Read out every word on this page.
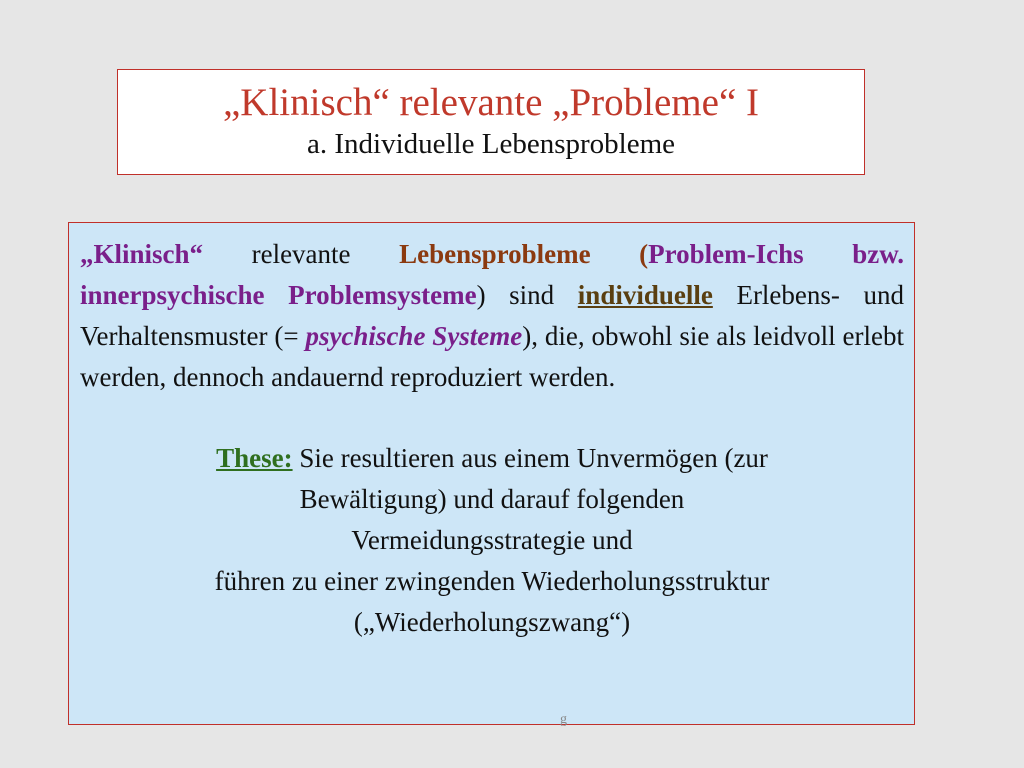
„Klinisch“ relevante „Probleme“ I
a. Individuelle Lebensprobleme

„Klinisch“ relevante Lebensprobleme (Problem-Ichs bzw. innerpsychische Problemsysteme) sind individuelle Erlebens- und Verhaltensmuster (= psychische Systeme), die, obwohl sie als leidvoll erlebt werden, dennoch andauernd reproduziert werden.

These: Sie resultieren aus einem Unvermögen (zur
Bewältigung) und darauf folgenden
Vermeidungsstrategie und
führen zu einer zwingenden Wiederholungsstruktur
(„Wiederholungszwang“)
g
